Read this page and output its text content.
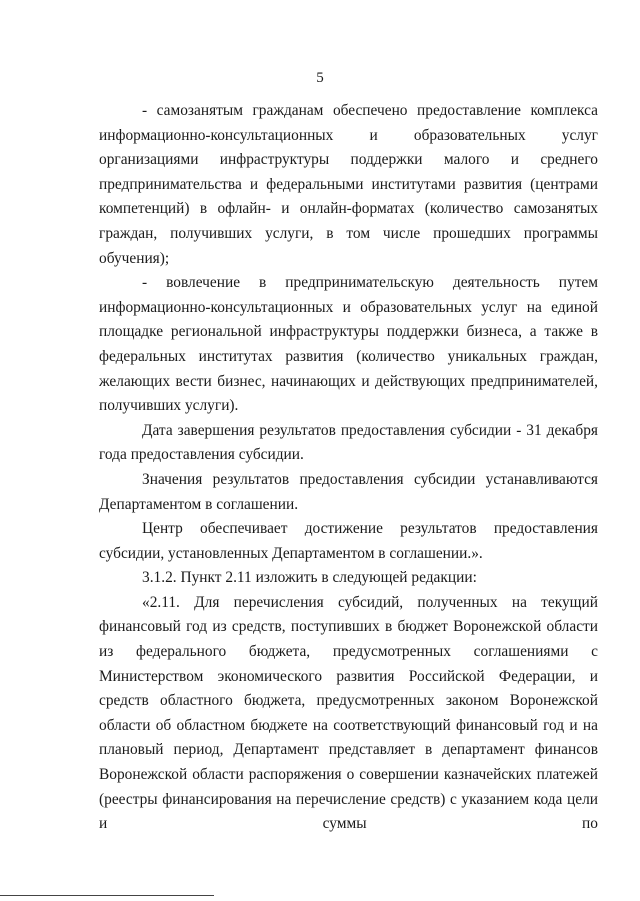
5

- самозанятым гражданам обеспечено предоставление комплекса информационно-консультационных и образовательных услуг организациями инфраструктуры поддержки малого и среднего предпринимательства и федеральными институтами развития (центрами компетенций) в офлайн- и онлайн-форматах (количество самозанятых граждан, получивших услуги, в том числе прошедших программы обучения);

- вовлечение в предпринимательскую деятельность путем информационно-консультационных и образовательных услуг на единой площадке региональной инфраструктуры поддержки бизнеса, а также в федеральных институтах развития (количество уникальных граждан, желающих вести бизнес, начинающих и действующих предпринимателей, получивших услуги).

Дата завершения результатов предоставления субсидии - 31 декабря года предоставления субсидии.

Значения результатов предоставления субсидии устанавливаются Департаментом в соглашении.

Центр обеспечивает достижение результатов предоставления субсидии, установленных Департаментом в соглашении.».

3.1.2. Пункт 2.11 изложить в следующей редакции:

«2.11. Для перечисления субсидий, полученных на текущий финансовый год из средств, поступивших в бюджет Воронежской области из федерального бюджета, предусмотренных соглашениями с Министерством экономического развития Российской Федерации, и средств областного бюджета, предусмотренных законом Воронежской области об областном бюджете на соответствующий финансовый год и на плановый период, Департамент представляет в департамент финансов Воронежской области распоряжения о совершении казначейских платежей (реестры финансирования на перечисление средств) с указанием кода цели и суммы по
